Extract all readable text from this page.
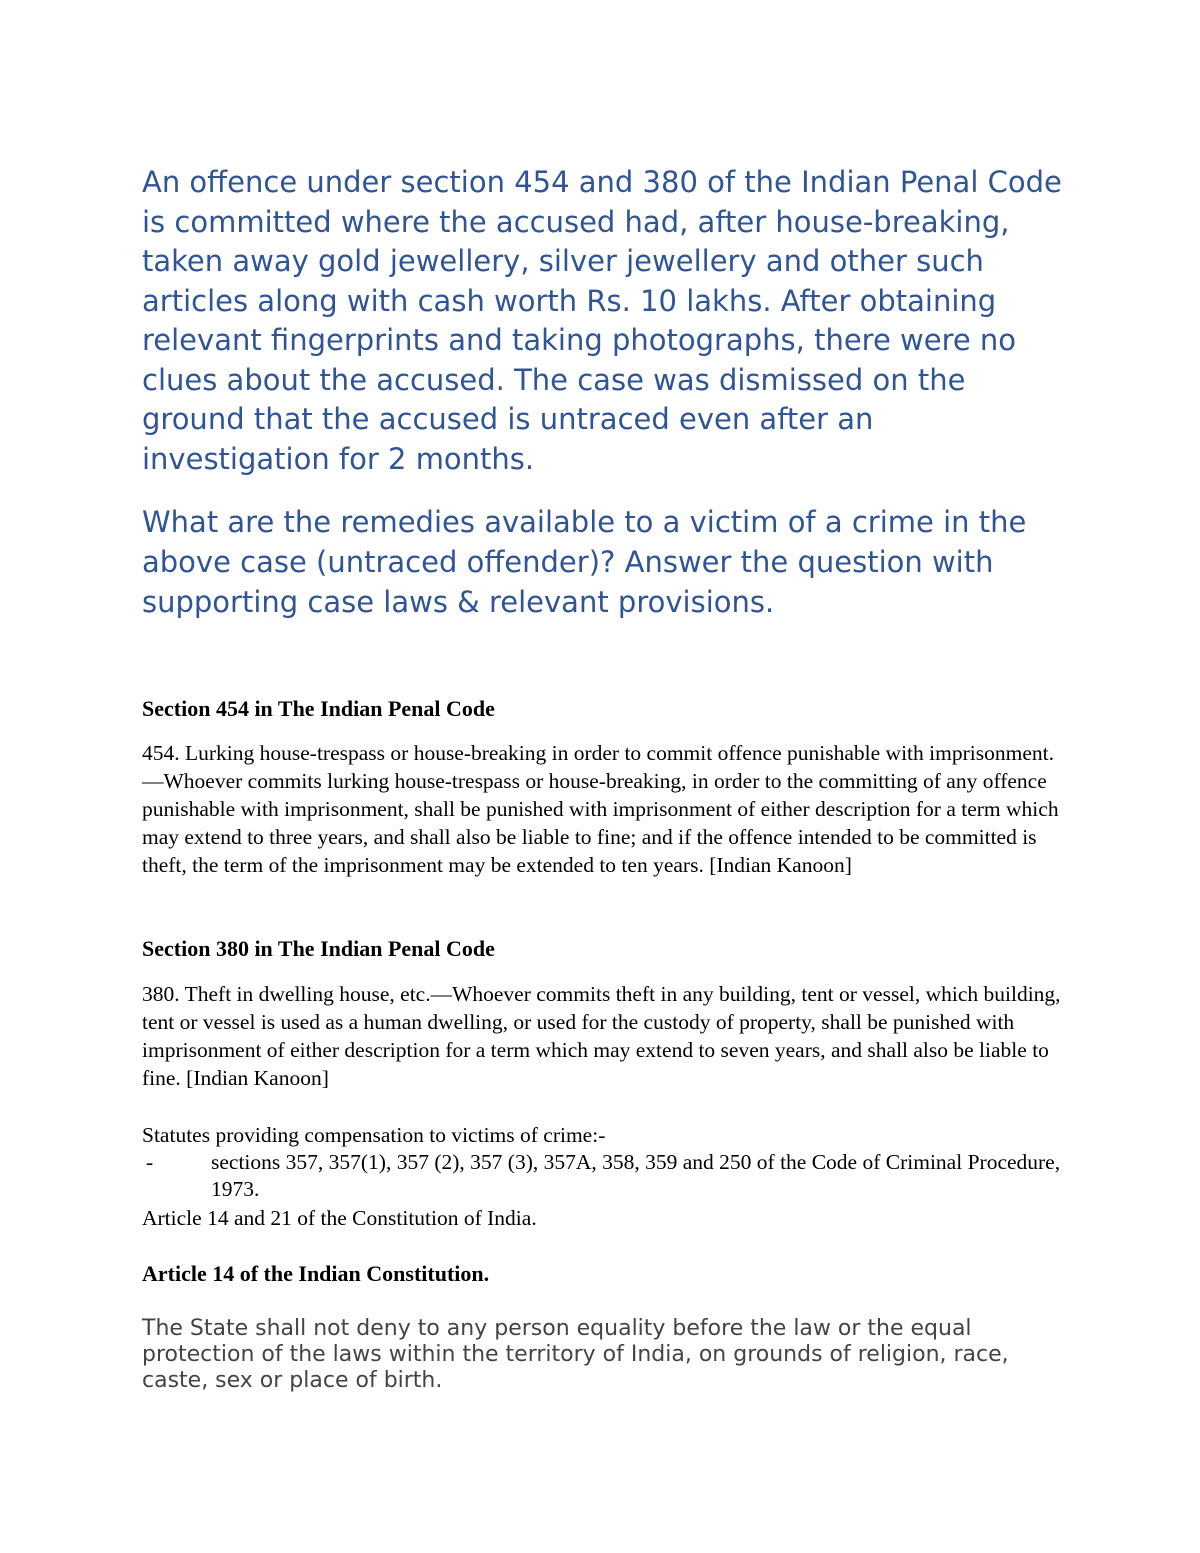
An offence under section 454 and 380 of the Indian Penal Code is committed where the accused had, after house-breaking, taken away gold jewellery, silver jewellery and other such articles along with cash worth Rs. 10 lakhs. After obtaining relevant fingerprints and taking photographs, there were no clues about the accused. The case was dismissed on the ground that the accused is untraced even after an investigation for 2 months.

What are the remedies available to a victim of a crime in the above case (untraced offender)? Answer the question with supporting case laws & relevant provisions.

Section 454 in The Indian Penal Code

454. Lurking house-trespass or house-breaking in order to commit offence punishable with imprisonment.—Whoever commits lurking house-trespass or house-breaking, in order to the committing of any offence punishable with imprisonment, shall be punished with imprisonment of either description for a term which may extend to three years, and shall also be liable to fine; and if the offence intended to be committed is theft, the term of the imprisonment may be extended to ten years. [Indian Kanoon]

Section 380 in The Indian Penal Code

380. Theft in dwelling house, etc.—Whoever commits theft in any building, tent or vessel, which building, tent or vessel is used as a human dwelling, or used for the custody of property, shall be punished with imprisonment of either description for a term which may extend to seven years, and shall also be liable to fine. [Indian Kanoon]

Statutes providing compensation to victims of crime:-

-	sections 357, 357(1), 357 (2), 357 (3), 357A, 358, 359 and 250 of the Code of Criminal Procedure, 1973.

Article 14 and 21 of the Constitution of India.

Article 14 of the Indian Constitution.

The State shall not deny to any person equality before the law or the equal protection of the laws within the territory of India, on grounds of religion, race, caste, sex or place of birth.
